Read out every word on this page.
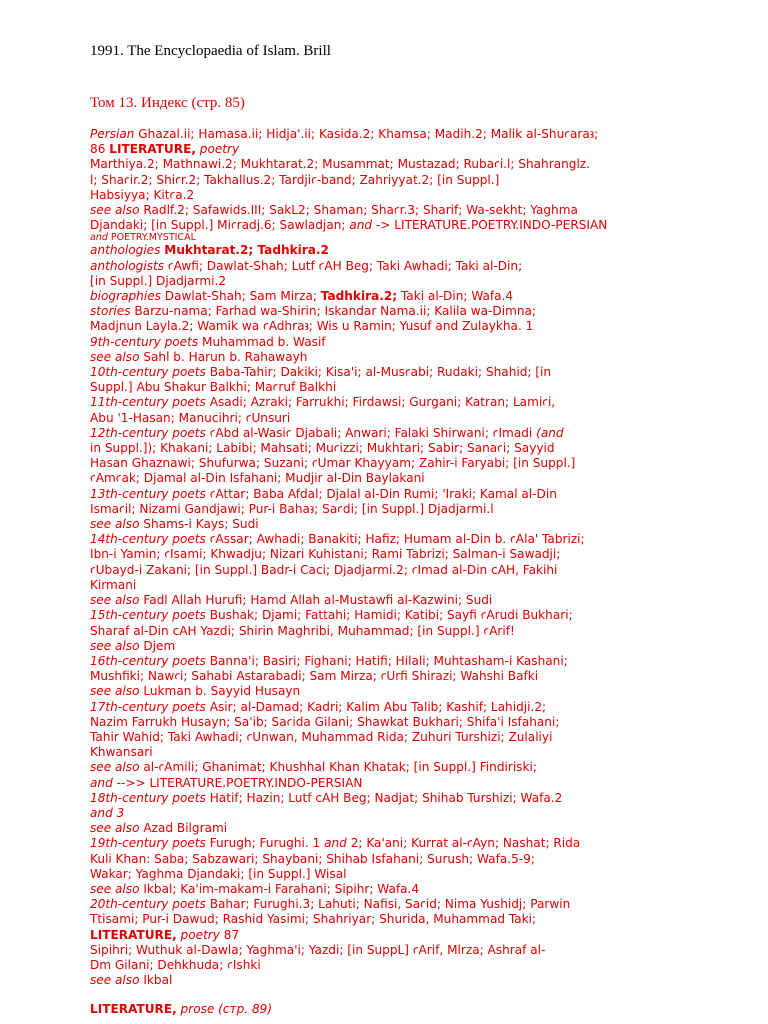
1991. The Encyclopaedia of Islam. Brill

Том 13. Индекс (стр. 85)

Persian Ghazal.ii; Hamasa.ii; Hidja'.ii; Kasida.2; Khamsa; Madih.2; Malik al-Shuꜥaraꜣ;
86 LITERATURE, poetry
Marthiya.2; Mathnawi.2; Mukhtarat.2; Musammat; Mustazad; Rubaꜥi.l; Shahranglz.
l; Shaꜥir.2; Shiꜥr.2; Takhallus.2; Tardjiꜥ-band; Zahriyyat.2; [in Suppl.]
Habsiyya; Kitꜥa.2
see also Radlf.2; Safawids.III; SakL2; Shaman; Shaꜥr.3; Sharif; Wa-sekht; Yaghma
Djandaki; [in Suppl.] Miꜥradj.6; Sawladjan; and -> LITERATURE.POETRY.INDO-PERSIAN
and POETRY.MYSTICAL
anthologies Mukhtarat.2; Tadhkira.2
anthologists ꜥAwfi; Dawlat-Shah; Lutf ꜥAH Beg; Taki Awhadi; Taki al-Din;
[in Suppl.] Djadjarmi.2
biographies Dawlat-Shah; Sam Mirza; Tadhkira.2; Taki al-Din; Wafa.4
stories Barzu-nama; Farhad wa-Shirin; Iskandar Nama.ii; Kalila wa-Dimna;
Madjnun Layla.2; Wamik wa ꜥAdhraꜣ; Wis u Ramin; Yusuf and Zulaykha. 1
9th-century poets Muhammad b. Wasif
see also Sahl b. Harun b. Rahawayh
10th-century poets Baba-Tahir; Dakiki; Kisa'i; al-Musꜥabi; Rudaki; Shahid; [in
Suppl.] Abu Shakur Balkhi; Maꜥruf Balkhi
11th-century poets Asadi; Azraki; Farrukhi; Firdawsi; Gurgani; Katran; Lamiꜥi,
Abu '1-Hasan; Manucihri; ꜥUnsuri
12th-century poets ꜥAbd al-Wasiꜥ Djabali; Anwari; Falaki Shirwani; ꜥImadi (and
in Suppl.]); Khakani; Labibi; Mahsati; Muꜥizzi; Mukhtari; Sabir; Sanaꜥi; Sayyid
Hasan Ghaznawi; Shufurwa; Suzani; ꜥUmar Khayyam; Zahir-i Faryabi; [in Suppl.]
ꜥAmꜥak; Djamal al-Din Isfahani; Mudjir al-Din Baylakani
13th-century poets ꜥAttar; Baba Afdal; Djalal al-Din Rumi; 'Iraki; Kamal al-Din
Ismaꜥil; Nizami Gandjawi; Pur-i Bahaꜣ; Saꜥdi; [in Suppl.] Djadjarmi.l
see also Shams-i Kays; Sudi
14th-century poets ꜥAssar; Awhadi; Banakiti; Hafiz; Humam al-Din b. ꜥAla' Tabrizi;
Ibn-i Yamin; ꜥIsami; Khwadju; Nizari Kuhistani; Rami Tabrizi; Salman-i Sawadji;
ꜥUbayd-i Zakani; [in Suppl.] Badr-i Caci; Djadjarmi.2; ꜥImad al-Din cAH, Fakihi
Kirmani
see also Fadl Allah Hurufi; Hamd Allah al-Mustawfi al-Kazwini; Sudi
15th-century poets Bushak; Djami; Fattahi; Hamidi; Katibi; Sayfi ꜥArudi Bukhari;
Sharaf al-Din cAH Yazdi; Shirin Maghribi, Muhammad; [in Suppl.] ꜥArif!
see also Djem
16th-century poets Banna'i; Basiri; Fighani; Hatifi; Hilali; Muhtasham-i Kashani;
Mushfiki; Nawꜥi; Sahabi Astarabadi; Sam Mirza; ꜥUrfi Shirazi; Wahshi Bafki
see also Lukman b. Sayyid Husayn
17th-century poets Asir; al-Damad; Kadri; Kalim Abu Talib; Kashif; Lahidji.2;
Nazim Farrukh Husayn; Sa'ib; Saꜥida Gilani; Shawkat Bukhari; Shifa'i Isfahani;
Tahir Wahid; Taki Awhadi; ꜥUnwan, Muhammad Rida; Zuhuri Turshizi; Zulaliyi
Khwansari
see also al-ꜥAmili; Ghanimat; Khushhal Khan Khatak; [in Suppl.] Findiriski;
and -->> LITERATURE.POETRY.INDO-PERSIAN
18th-century poets Hatif; Hazin; Lutf cAH Beg; Nadjat; Shihab Turshizi; Wafa.2
and 3
see also Azad Bilgrami
19th-century poets Furugh; Furughi. 1 and 2; Ka'ani; Kurrat al-ꜥAyn; Nashat; Rida
Kuli Khan: Saba; Sabzawari; Shaybani; Shihab Isfahani; Surush; Wafa.5-9;
Wakar; Yaghma Djandaki; [in Suppl.] Wisal
see also Ikbal; Ka'im-makam-i Farahani; Sipihr; Wafa.4
20th-century poets Bahar; Furughi.3; Lahuti; Nafisi, Saꜥid; Nima Yushidj; Parwin
Ttisami; Pur-i Dawud; Rashid Yasimi; Shahriyar; Shurida, Muhammad Taki;
LITERATURE, poetry 87
Sipihri; Wuthuk al-Dawla; Yaghma'i; Yazdi; [in SuppL] ꜥArif, Mlrza; Ashraf al-
Dm Gilani; Dehkhuda; ꜥIshki
see also Ikbal
LITERATURE, prose (стр. 89)
